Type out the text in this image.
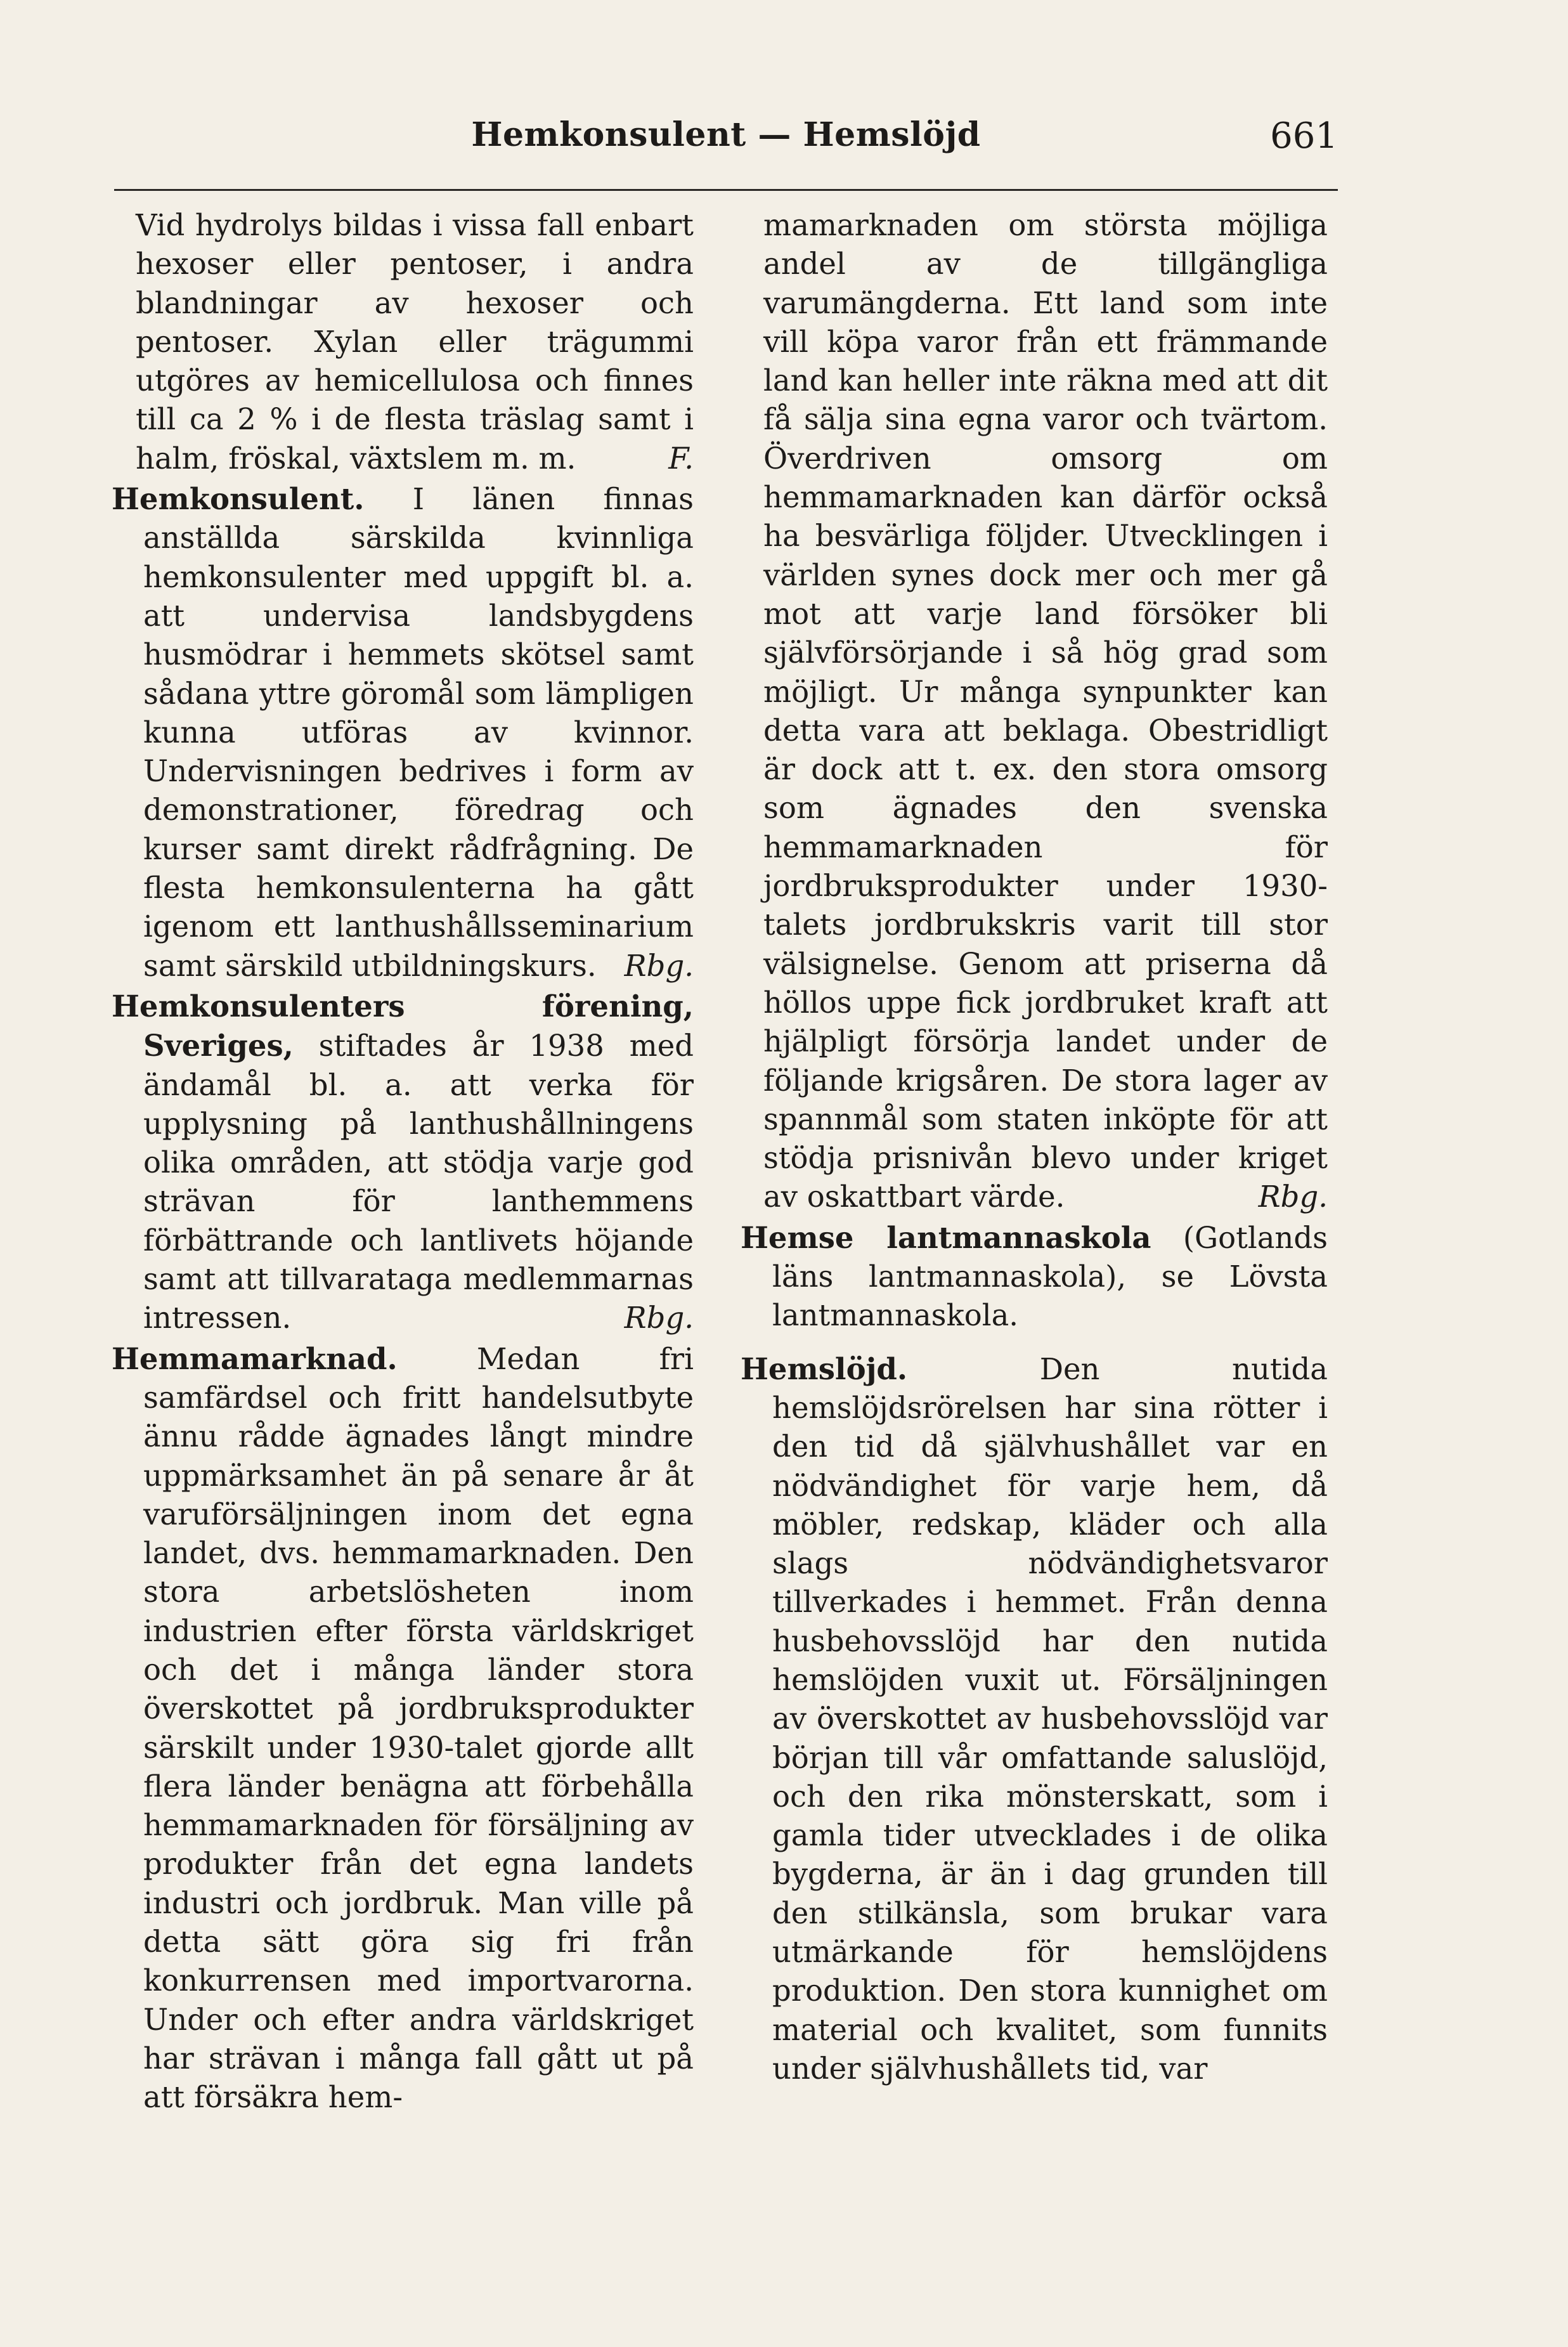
Hemkonsulent — Hemslöjd	661

Vid hydrolys bildas i vissa fall enbart hexoser eller pentoser, i andra blandningar av hexoser och pentoser. Xylan eller trägummi utgöres av hemicellulosa och finnes till ca 2 % i de flesta träslag samt i halm, fröskal, växtslem m. m.	F.

Hemkonsulent. I länen finnas anställda särskilda kvinnliga hemkonsulenter med uppgift bl. a. att undervisa landsbygdens husmödrar i hemmets skötsel samt sådana yttre göromål som lämpligen kunna utföras av kvinnor. Undervisningen bedrives i form av demonstrationer, föredrag och kurser samt direkt rådfrågning. De flesta hemkonsulenterna ha gått igenom ett lanthushållsseminarium samt särskild utbildningskurs. Rbg.

Hemkonsulenters förening, Sveriges, stiftades år 1938 med ändamål bl. a. att verka för upplysning på lanthushållningens olika områden, att stödja varje god strävan för lanthemmens förbättrande och lantlivets höjande samt att tillvarataga medlemmarnas intressen.	Rbg.

Hemmamarknad.	Medan fri samfärdsel och fritt handelsutbyte ännu rådde ägnades långt mindre uppmärksamhet än på senare år åt varuförsäljningen inom det egna landet, dvs. hemmamarknaden. Den stora arbetslösheten inom industrien efter första världskriget och det i många länder stora överskottet på jordbruksprodukter särskilt under 1930-talet gjorde allt flera länder benägna att förbehålla hemmamarknaden för försäljning av produkter från det egna landets industri och jordbruk. Man ville på detta sätt göra sig fri från konkurrensen med importvarorna. Under och efter andra världskriget har strävan i många fall gått ut på att försäkra hem-

mamarknaden om största möjliga andel av de tillgängliga varumängderna. Ett land som inte vill köpa varor från ett främmande land kan heller inte räkna med att dit få sälja sina egna varor och tvärtom. Överdriven omsorg om hemmamarknaden kan därför också ha besvärliga följder. Utvecklingen i världen synes dock mer och mer gå mot att varje land försöker bli självförsörjande i så hög grad som möjligt. Ur många synpunkter kan detta vara att beklaga. Obestridligt är dock att t. ex. den stora omsorg som ägnades den svenska hemmamarknaden för jordbruksprodukter under 1930-talets jordbrukskris varit till stor välsignelse. Genom att priserna då höllos uppe fick jordbruket kraft att hjälpligt försörja landet under de följande krigsåren. De stora lager av spannmål som staten inköpte för att stödja prisnivån blevo under kriget av oskattbart värde.	Rbg.

Hemse lantmannaskola (Gotlands läns lantmannaskola), se Lövsta lantmannaskola.

Hemslöjd.	Den nutida hemslöjdsrörelsen har sina rötter i den tid då självhushållet var en nödvändighet för varje hem, då möbler, redskap, kläder och alla slags nödvändighetsvaror tillverkades i hemmet. Från denna husbehovsslöjd har den nutida hemslöjden vuxit ut. Försäljningen av överskottet av husbehovsslöjd var början till vår omfattande saluslöjd, och den rika mönsterskatt, som i gamla tider utvecklades i de olika bygderna, är än i dag grunden till den stilkänsla, som brukar vara utmärkande för hemslöjdens produktion. Den stora kunnighet om material och kvalitet, som funnits under självhushållets tid, var
